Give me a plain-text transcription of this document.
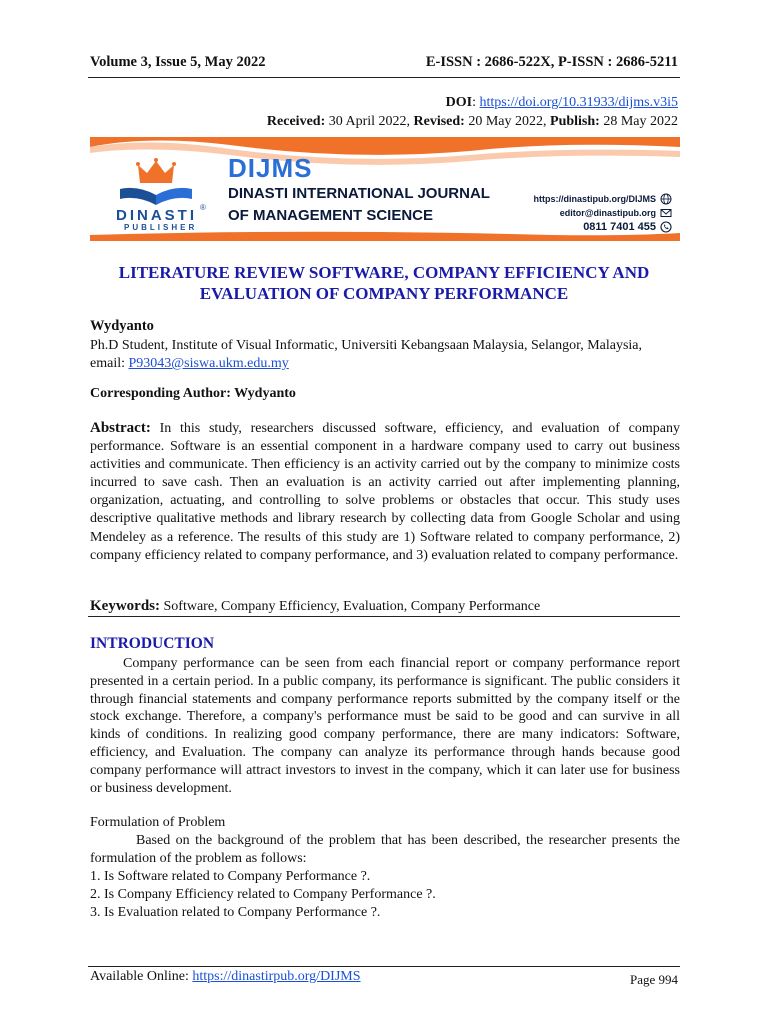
Volume 3, Issue 5, May 2022	E-ISSN : 2686-522X, P-ISSN : 2686-5211
DOI: https://doi.org/10.31933/dijms.v3i5
Received: 30 April 2022, Revised: 20 May 2022, Publish: 28 May 2022
DINASTI
PUBLISHER
®
DIJMS
DINASTI INTERNATIONAL JOURNAL
OF MANAGEMENT SCIENCE
https://dinastipub.org/DIJMS
editor@dinastipub.org
0811 7401 455
LITERATURE REVIEW SOFTWARE, COMPANY EFFICIENCY AND
EVALUATION OF COMPANY PERFORMANCE
Wydyanto
Ph.D Student, Institute of Visual Informatic, Universiti Kebangsaan Malaysia, Selangor, Malaysia,
email: P93043@siswa.ukm.edu.my
Corresponding Author: Wydyanto
Abstract: In this study, researchers discussed software, efficiency, and evaluation of company performance. Software is an essential component in a hardware company used to carry out business activities and communicate. Then efficiency is an activity carried out by the company to minimize costs incurred to save cash. Then an evaluation is an activity carried out after implementing planning, organization, actuating, and controlling to solve problems or obstacles that occur. This study uses descriptive qualitative methods and library research by collecting data from Google Scholar and using Mendeley as a reference. The results of this study are 1) Software related to company performance, 2) company efficiency related to company performance, and 3) evaluation related to company performance.
Keywords: Software, Company Efficiency, Evaluation, Company Performance
INTRODUCTION
Company performance can be seen from each financial report or company performance report presented in a certain period. In a public company, its performance is significant. The public considers it through financial statements and company performance reports submitted by the company itself or the stock exchange. Therefore, a company's performance must be said to be good and can survive in all kinds of conditions. In realizing good company performance, there are many indicators: Software, efficiency, and Evaluation. The company can analyze its performance through hands because good company performance will attract investors to invest in the company, which it can later use for business or business development.
Formulation of Problem
Based on the background of the problem that has been described, the researcher presents the formulation of the problem as follows:
1. Is Software related to Company Performance ?.
2. Is Company Efficiency related to Company Performance ?.
3. Is Evaluation related to Company Performance ?.
Available Online: https://dinastirpub.org/DIJMS	Page 994
